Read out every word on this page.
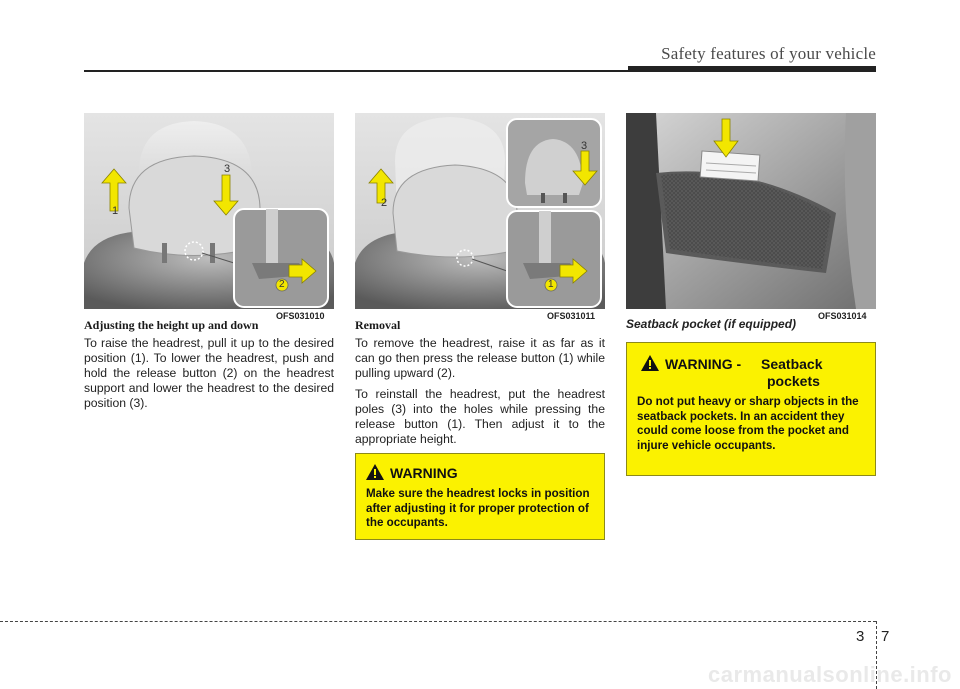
Safety features of your vehicle
1
3
2
OFS031010
2
3
1
OFS031011	OFS031014
Adjusting the height up and down

To raise the headrest, pull it up to the desired position (1). To lower the headrest, push and hold the release button (2) on the headrest support and lower the headrest to the desired position (3).

Removal

To remove the headrest, raise it as far as it can go then press the release button (1) while pulling upward (2).

To reinstall the headrest, put the headrest poles (3) into the holes while pressing the release button (1). Then adjust it to the appropriate height.

WARNING
Make sure the headrest locks in position after adjusting it for proper protection of the occupants.
Seatback pocket (if equipped)
WARNING - Seatback
pockets
Do not put heavy or sharp objects in the seatback pockets. In an accident they could come loose from the pocket and injure vehicle occupants.
3 7
carmanualsonline.info
